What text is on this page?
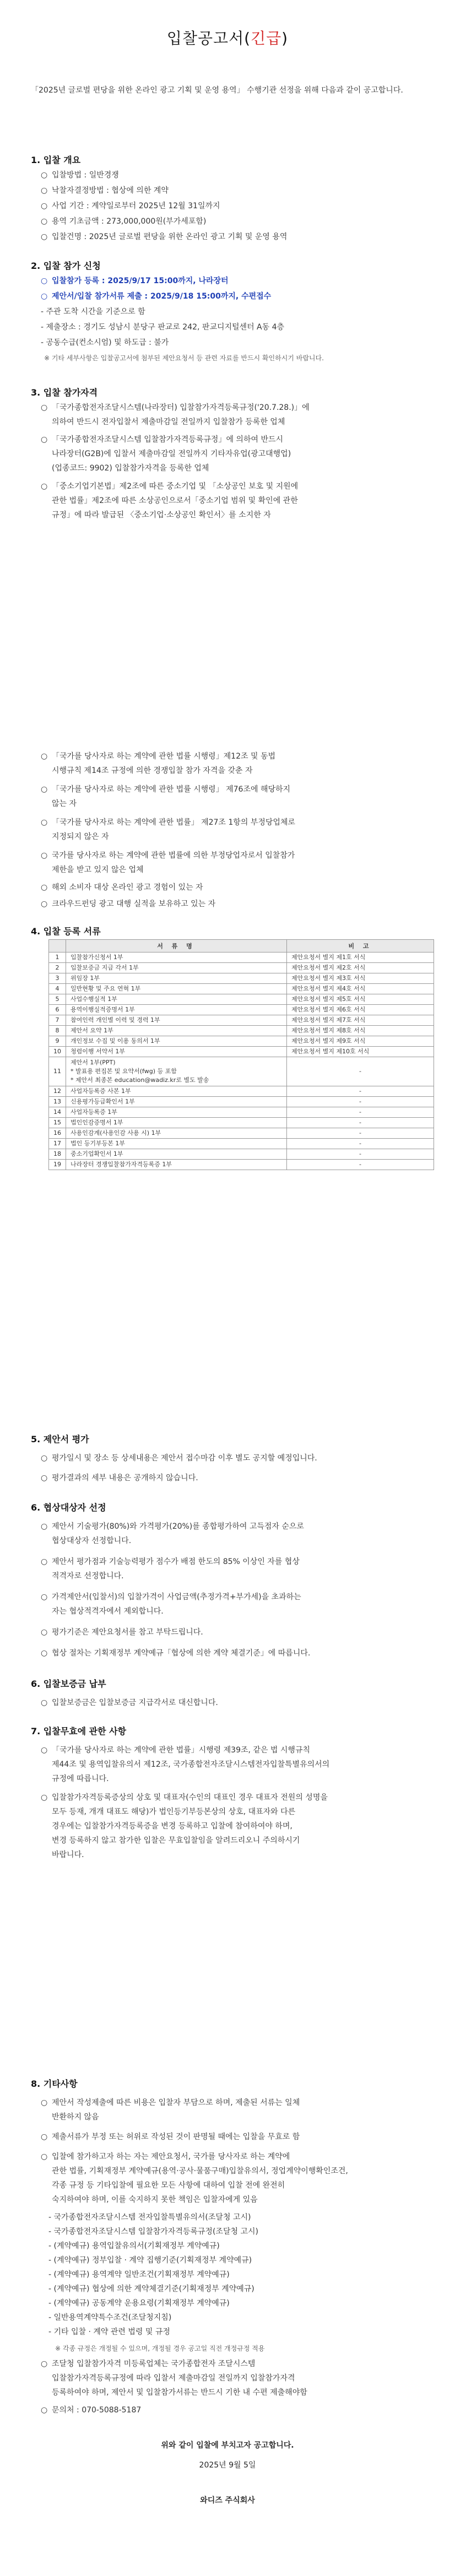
입찰공고서(긴급)
「2025년 글로벌 편당을 위한 온라인 광고 기획 및 운영 용역」 수행기관 선정을 위해 다음과 같이 공고합니다.
1. 입찰 개요
○ 입찰방법 : 일반경쟁
○ 낙찰자결정방법 : 협상에 의한 계약
○ 사업 기간 : 계약일로부터 2025년 12월 31일까지
○ 용역 기초금액 : 273,000,000원(부가세포함)
○ 입찰건명 : 2025년 글로벌 편당을 위한 온라인 광고 기획 및 운영 용역
2. 입찰 참가 신청
○ 입찰참가 등록 : 2025/9/17 15:00까지, 나라장터
○ 제안서/입찰 참가서류 제출 : 2025/9/18 15:00까지, 수편접수
- 주관 도착 시간을 기준으로 함
- 제출장소 : 경기도 성남시 분당구 판교로 242, 판교디지털센터 A동 4층
- 공동수급(컨소시엄) 및 하도급 : 불가
※ 기타 세부사항은 입찰공고서에 첨부된 제안요청서 등 관련 자료를 반드시 확인하시기 바랍니다.
3. 입찰 참가자격
○ 「국가종합전자조달시스템(나라장터) 입찰참가자격등록규정('20.7.28.)」에
의하여 반드시 전자입찰서 제출마감일 전일까지 입찰참가 등록한 업체
○ 「국가종합전자조달시스템 입찰참가자격등록규정」에 의하여 반드시
나라장터(G2B)에 입찰서 제출마감일 전일까지 기타자유업(광고대행업)
(업종코드: 9902) 입찰참가자격을 등록한 업체
○ 「중소기업기본법」제2조에 따른 중소기업 및 「소상공인 보호 및 지원에
관한 법률」제2조에 따른 소상공인으로서「중소기업 범위 및 확인에 관한
규정」에 따라 발급된 〈중소기업·소상공인 확인서〉를 소지한 자
○ 「국가를 당사자로 하는 계약에 관한 법률 시행령」제12조 및 동법
시행규칙 제14조 규정에 의한 경쟁입찰 참가 자격을 갖춘 자
○ 「국가를 당사자로 하는 계약에 관한 법률 시행령」 제76조에 해당하지
않는 자
○ 「국가를 당사자로 하는 계약에 관한 법률」 제27조 1항의 부정당업체로
지정되지 않은 자
○ 국가를 당사자로 하는 계약에 관한 법률에 의한 부정당업자로서 입찰참가
제한을 받고 있지 않은 업체
○ 해외 소비자 대상 온라인 광고 경험이 있는 자
○ 크라우드펀딩 광고 대행 실적을 보유하고 있는 자
4. 입찰 등록 서류
	서 류 명	비 고
1	입찰참가신청서 1부	제안요청서 별지 제1호 서식
2	입찰보증금 지급 각서 1부	제안요청서 별지 제2호 서식
3	위임장 1부	제안요청서 별지 제3호 서식
4	일반현황 및 주요 연혁 1부	제안요청서 별지 제4호 서식
5	사업수행실적 1부	제안요청서 별지 제5호 서식
6	용역이행실적증명서 1부	제안요청서 별지 제6호 서식
7	참여인력 개인별 이력 및 경력 1부	제안요청서 별지 제7호 서식
8	제안서 요약 1부	제안요청서 별지 제8호 서식
9	개인정보 수집 및 이용 동의서 1부	제안요청서 별지 제9호 서식
10	청렴이행 서약서 1부	제안요청서 별지 제10호 서식
11	제안서 1부(PPT)
* 발표용 편집본 및 요약서(fwg) 등 포함
* 제안서 최종본 education@wadiz.kr로 별도 발송	-
12	사업자등록증 사본 1부	-
13	신용평가등급확인서 1부	-
14	사업자등록증 1부	-
15	법인인감증명서 1부	-
16	사용인감계(사용인감 사용 시) 1부	-
17	법인 등기부등본 1부	-
18	중소기업확인서 1부	-
19	나라장터 경쟁입찰참가자격등록증 1부	-
5. 제안서 평가
○ 평가일시 및 장소 등 상세내용은 제안서 접수마감 이후 별도 공지할 예정입니다.
○ 평가결과의 세부 내용은 공개하지 않습니다.
6. 협상대상자 선정
○ 제안서 기술평가(80%)와 가격평가(20%)를 종합평가하여 고득점자 순으로
협상대상자 선정합니다.
○ 제안서 평가점과 기술능력평가 점수가 배점 한도의 85% 이상인 자를 협상
적격자로 선정합니다.
○ 가격제안서(입찰서)의 입찰가격이 사업금액(추정가격+부가세)을 초과하는
자는 협상적격자에서 제외합니다.
○ 평가기준은 제안요청서를 참고 부탁드립니다.
○ 협상 절차는 기획재정부 계약예규「협상에 의한 계약 체결기준」에 따릅니다.
6. 입찰보증금 납부
○ 입찰보증금은 입찰보증금 지급각서로 대신합니다.
7. 입찰무효에 관한 사항
○ 「국가를 당사자로 하는 계약에 관한 법률」시행령 제39조, 같은 법 시행규칙
제44조 및 용역입찰유의서 제12조, 국가종합전자조달시스템전자입찰특별유의서의
규정에 따릅니다.
○ 입찰참가자격등록증상의 상호 및 대표자(수인의 대표인 경우 대표자 전원의 성명을
모두 등재, 개개 대표도 해당)가 법인등기부등본상의 상호, 대표자와 다른
경우에는 입찰참가자격등록증을 변경 등록하고 입찰에 참여하여야 하며,
변경 등록하지 않고 참가한 입찰은 무효입찰임을 알려드리오니 주의하시기
바랍니다.
8. 기타사항
○ 제안서 작성제출에 따른 비용은 입찰자 부담으로 하며, 제출된 서류는 일체
반환하지 않음
○ 제출서류가 부정 또는 허위로 작성된 것이 판명될 때에는 입찰을 무효로 함
○ 입찰에 참가하고자 하는 자는 제안요청서, 국가를 당사자로 하는 계약에
관한 법률, 기획재정부 계약예규(용역·공사·물품구매)입찰유의서, 정업계약이행확인조건,
각종 규정 등 기타입찰에 필요한 모든 사항에 대하여 입찰 전에 완전히
숙지하여야 하며, 이를 숙지하지 못한 책임은 입찰자에게 있음
- 국가종합전자조달시스템 전자입찰특별유의서(조달청 고시)
- 국가종합전자조달시스템 입찰참가자격등록규정(조달청 고시)
- (계약예규) 용역입찰유의서(기획재정부 계약예규)
- (계약예규) 정부입찰 · 계약 집행기준(기획재정부 계약예규)
- (계약예규) 용역계약 일반조건(기획재정부 계약예규)
- (계약예규) 협상에 의한 계약체결기준(기획재정부 계약예규)
- (계약예규) 공동계약 운용요령(기획재정부 계약예규)
- 일반용역계약특수조건(조달청지침)
- 기타 입찰 · 계약 관련 법령 및 규정
※ 각종 규정은 개정될 수 있으며, 개정될 경우 공고일 직전 개정규정 적용
○ 조달청 입찰참가자격 미등록업체는 국가종합전자 조달시스템
입찰참가자격등록규정에 따라 입찰서 제출마감일 전일까지 입찰참가자격
등록하여야 하며, 제안서 및 입찰참가서류는 반드시 기한 내 수편 제출해야함
○ 문의처 : 070-5088-5187
위와 같이 입찰에 부치고자 공고합니다.
2025년 9월 5일
와디즈 주식회사
